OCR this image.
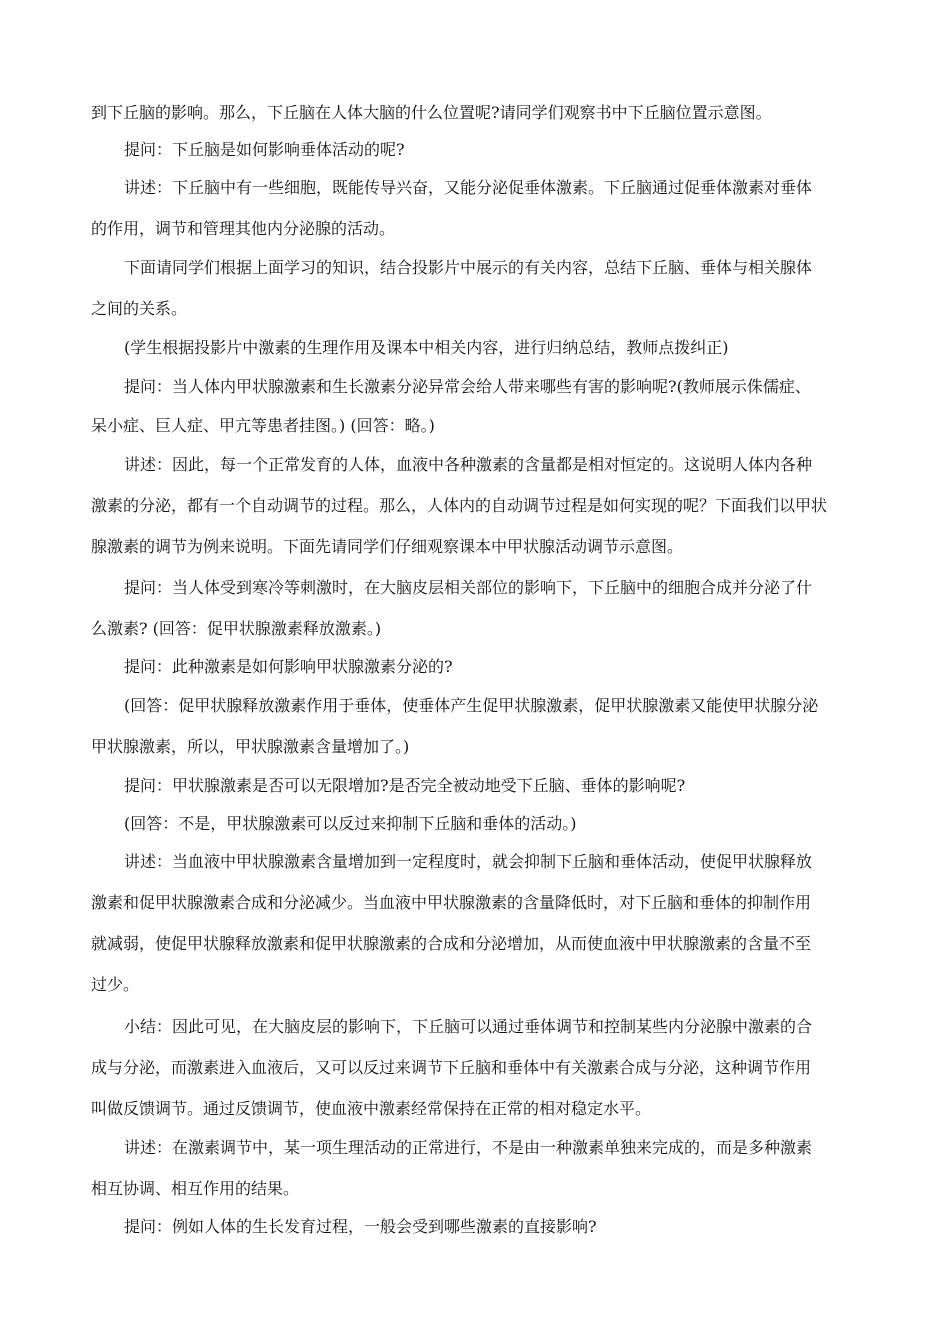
到下丘脑的影响。那么，下丘脑在人体大脑的什么位置呢?请同学们观察书中下丘脑位置示意图。
提问：下丘脑是如何影响垂体活动的呢?
讲述：下丘脑中有一些细胞，既能传导兴奋，又能分泌促垂体激素。下丘脑通过促垂体激素对垂体
的作用，调节和管理其他内分泌腺的活动。
下面请同学们根据上面学习的知识，结合投影片中展示的有关内容，总结下丘脑、垂体与相关腺体
之间的关系。
(学生根据投影片中激素的生理作用及课本中相关内容，进行归纳总结，教师点拨纠正)
提问：当人体内甲状腺激素和生长激素分泌异常会给人带来哪些有害的影响呢?(教师展示侏儒症、
呆小症、巨人症、甲亢等患者挂图。) (回答：略。)
讲述：因此，每一个正常发育的人体，血液中各种激素的含量都是相对恒定的。这说明人体内各种
激素的分泌，都有一个自动调节的过程。那么，人体内的自动调节过程是如何实现的呢？下面我们以甲状
腺激素的调节为例来说明。下面先请同学们仔细观察课本中甲状腺活动调节示意图。
提问：当人体受到寒冷等刺激时，在大脑皮层相关部位的影响下，下丘脑中的细胞合成并分泌了什
么激素? (回答：促甲状腺激素释放激素。)
提问：此种激素是如何影响甲状腺激素分泌的?
(回答：促甲状腺释放激素作用于垂体，使垂体产生促甲状腺激素，促甲状腺激素又能使甲状腺分泌
甲状腺激素，所以，甲状腺激素含量增加了。)
提问：甲状腺激素是否可以无限增加?是否完全被动地受下丘脑、垂体的影响呢?
(回答：不是，甲状腺激素可以反过来抑制下丘脑和垂体的活动。)
讲述：当血液中甲状腺激素含量增加到一定程度时，就会抑制下丘脑和垂体活动，使促甲状腺释放
激素和促甲状腺激素合成和分泌减少。当血液中甲状腺激素的含量降低时，对下丘脑和垂体的抑制作用
就减弱，使促甲状腺释放激素和促甲状腺激素的合成和分泌增加，从而使血液中甲状腺激素的含量不至
过少。
小结：因此可见，在大脑皮层的影响下，下丘脑可以通过垂体调节和控制某些内分泌腺中激素的合
成与分泌，而激素进入血液后，又可以反过来调节下丘脑和垂体中有关激素合成与分泌，这种调节作用
叫做反馈调节。通过反馈调节，使血液中激素经常保持在正常的相对稳定水平。
讲述：在激素调节中，某一项生理活动的正常进行，不是由一种激素单独来完成的，而是多种激素
相互协调、相互作用的结果。
提问：例如人体的生长发育过程，一般会受到哪些激素的直接影响?
